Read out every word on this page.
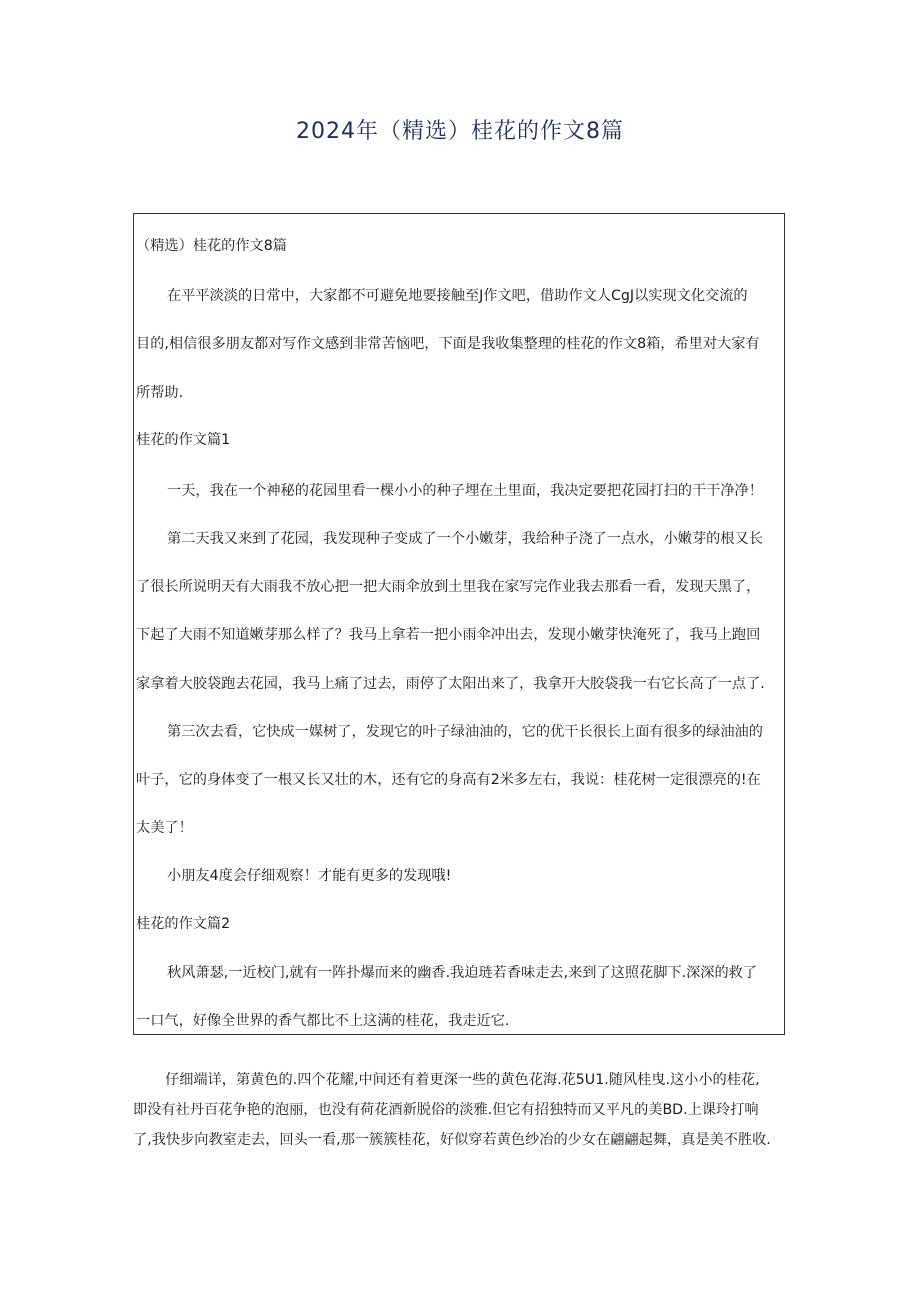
2024年（精选）桂花的作文8篇
（精选）桂花的作文8篇
在平平淡淡的日常中，大家都不可避免地要接触至J作文吧，借助作文人CgJ以实现文化交流的
目的,相信很多朋友都对写作文感到非常苦恼吧，下面是我收集整理的桂花的作文8箱，希里对大家有
所帮助.
桂花的作文篇1
一天，我在一个神秘的花园里看一棵小小的种子埋在土里面，我决定要把花园打扫的干干净净！
第二天我又来到了花园，我发现种子变成了一个小嫩芽，我给种子浇了一点水，小嫩芽的根又长
了很长所说明天有大雨我不放心把一把大雨伞放到土里我在家写完作业我去那看一看，发现天黑了，
下起了大雨不知道嫩芽那么样了？我马上拿若一把小雨伞冲出去，发现小嫩芽快淹死了，我马上跑回
家拿着大胶袋跑去花园，我马上痛了过去，雨停了太阳出来了，我拿开大胶袋我一右它长高了一点了.
第三次去看，它快成一媒树了，发现它的叶子绿油油的，它的优干长很长上面有很多的绿油油的
叶子，它的身体变了一根又长又壮的木，还有它的身高有2米多左右，我说：桂花树一定很漂亮的!在
太美了！
小朋友4度会仔细观察！才能有更多的发现哦!
桂花的作文篇2
秋风萧瑟,一近校门,就有一阵扑爆而来的幽香.我迫琏若香味走去,来到了这照花脚下.深深的救了
一口气，好像全世界的香气都比不上这满的桂花，我走近它.
仔细端详，第黄色的.四个花耀,中间还有着更深一些的黄色花海.花5U1.随风桂曳.这小小的桂花,
即没有社丹百花争艳的泡丽，也没有荷花酒新脱俗的淡雅.但它有招独特而又平凡的美BD.上课玲打响
了,我快步向教室走去，回头一看,那一簇簇桂花，好似穿若黄色纱冶的少女在翩翩起舞，真是美不胜收.
